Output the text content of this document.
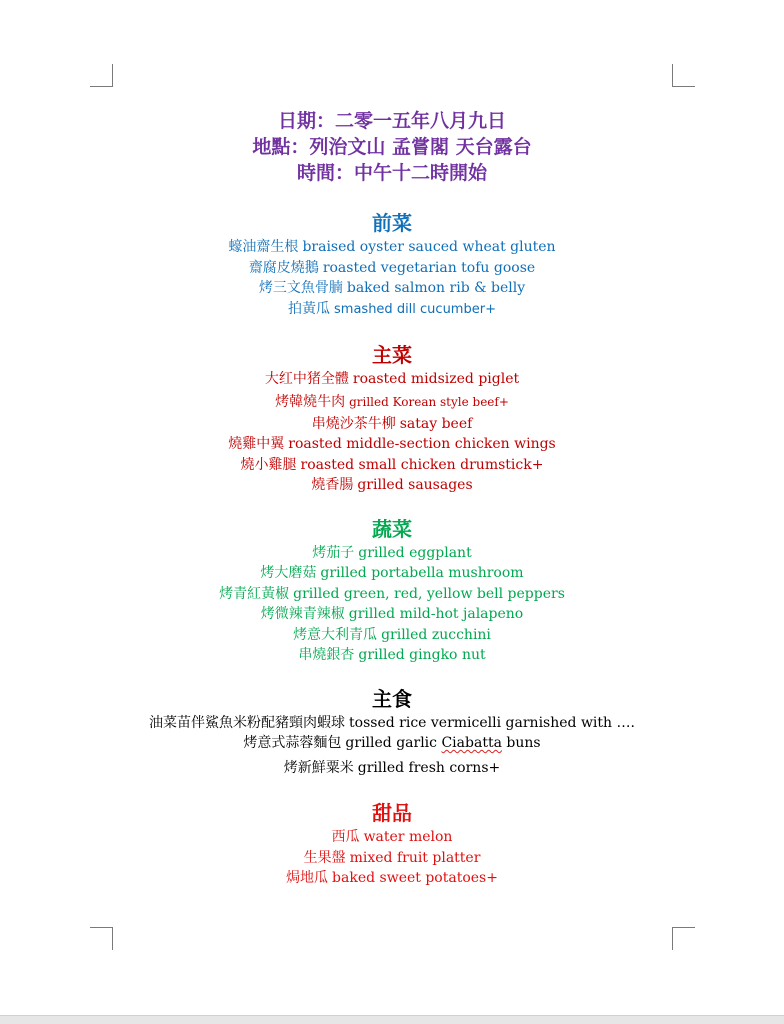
日期：二零一五年八月九日
地點：列治文山 孟嘗閣 天台露台
時間：中午十二時開始
前菜
蠔油齋生根 braised oyster sauced wheat gluten
齋腐皮燒鵝 roasted vegetarian tofu goose
烤三文魚骨腩 baked salmon rib & belly
拍黃瓜 smashed dill cucumber+
主菜
大红中猪全體 roasted midsized piglet
烤韓燒牛肉 grilled Korean style beef+
串燒沙茶牛柳 satay beef
燒雞中翼 roasted middle-section chicken wings
燒小雞腿 roasted small chicken drumstick+
燒香腸 grilled sausages
蔬菜
烤茄子 grilled eggplant
烤大磨菇 grilled portabella mushroom
烤青紅黃椒 grilled green, red, yellow bell peppers
烤微辣青辣椒 grilled mild-hot jalapeno
烤意大利青瓜 grilled zucchini
串燒銀杏 grilled gingko nut
主食
油菜苗伴鯊魚米粉配豬頸肉蝦球 tossed rice vermicelli garnished with ….
烤意式蒜蓉麵包 grilled garlic Ciabatta buns
烤新鮮粟米 grilled fresh corns+
甜品
西瓜 water melon
生果盤 mixed fruit platter
焗地瓜 baked sweet potatoes+
